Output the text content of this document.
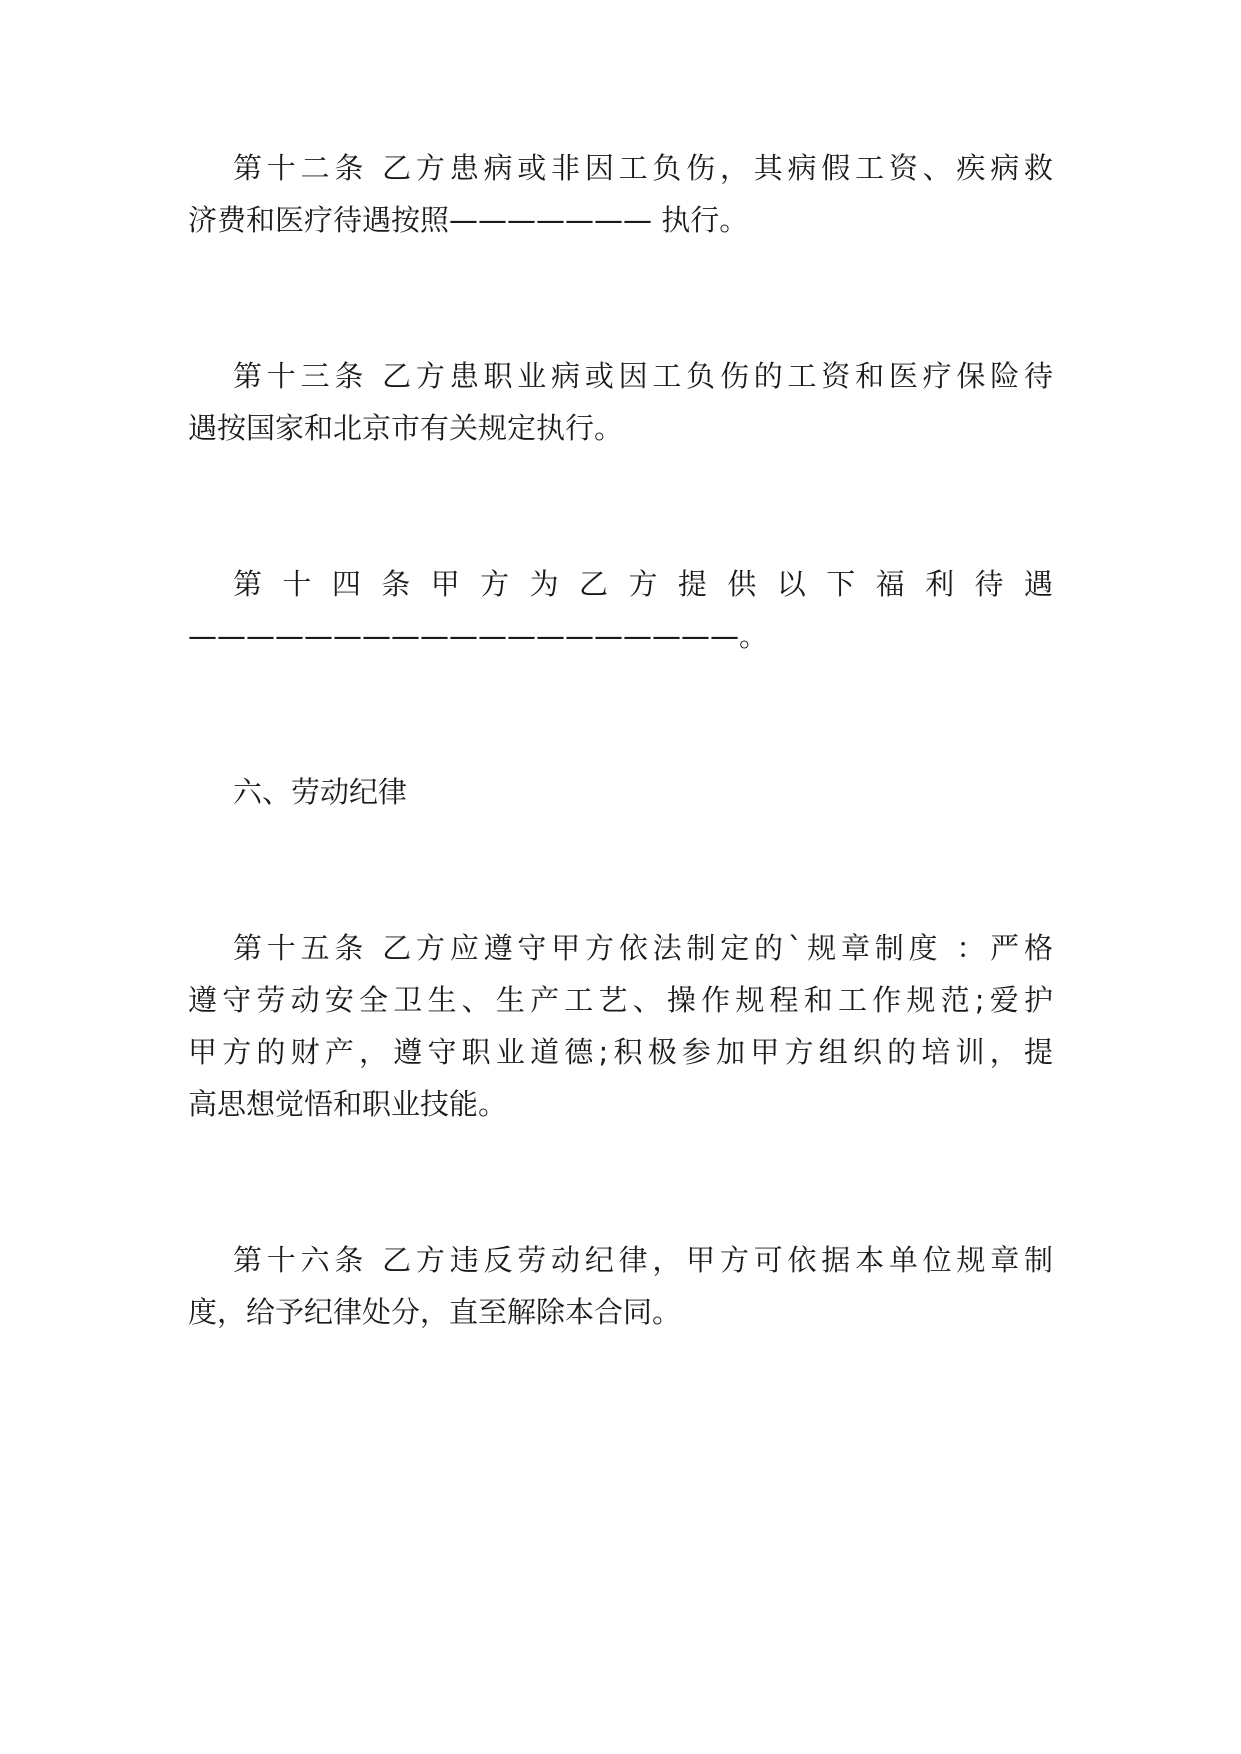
第十二条 乙方患病或非因工负伤，其病假工资、疾病救
济费和医疗待遇按照——————— 执行。
第十三条 乙方患职业病或因工负伤的工资和医疗保险待
遇按国家和北京市有关规定执行。
第 十 四 条 甲 方 为 乙 方 提 供 以 下 福 利 待 遇
———————————————————。
六、劳动纪律
第十五条 乙方应遵守甲方依法制定的`规章制度 ：严格
遵守劳动安全卫生、生产工艺、操作规程和工作规范;爱护
甲方的财产，遵守职业道德;积极参加甲方组织的培训，提
高思想觉悟和职业技能。
第十六条 乙方违反劳动纪律，甲方可依据本单位规章制
度，给予纪律处分，直至解除本合同。
